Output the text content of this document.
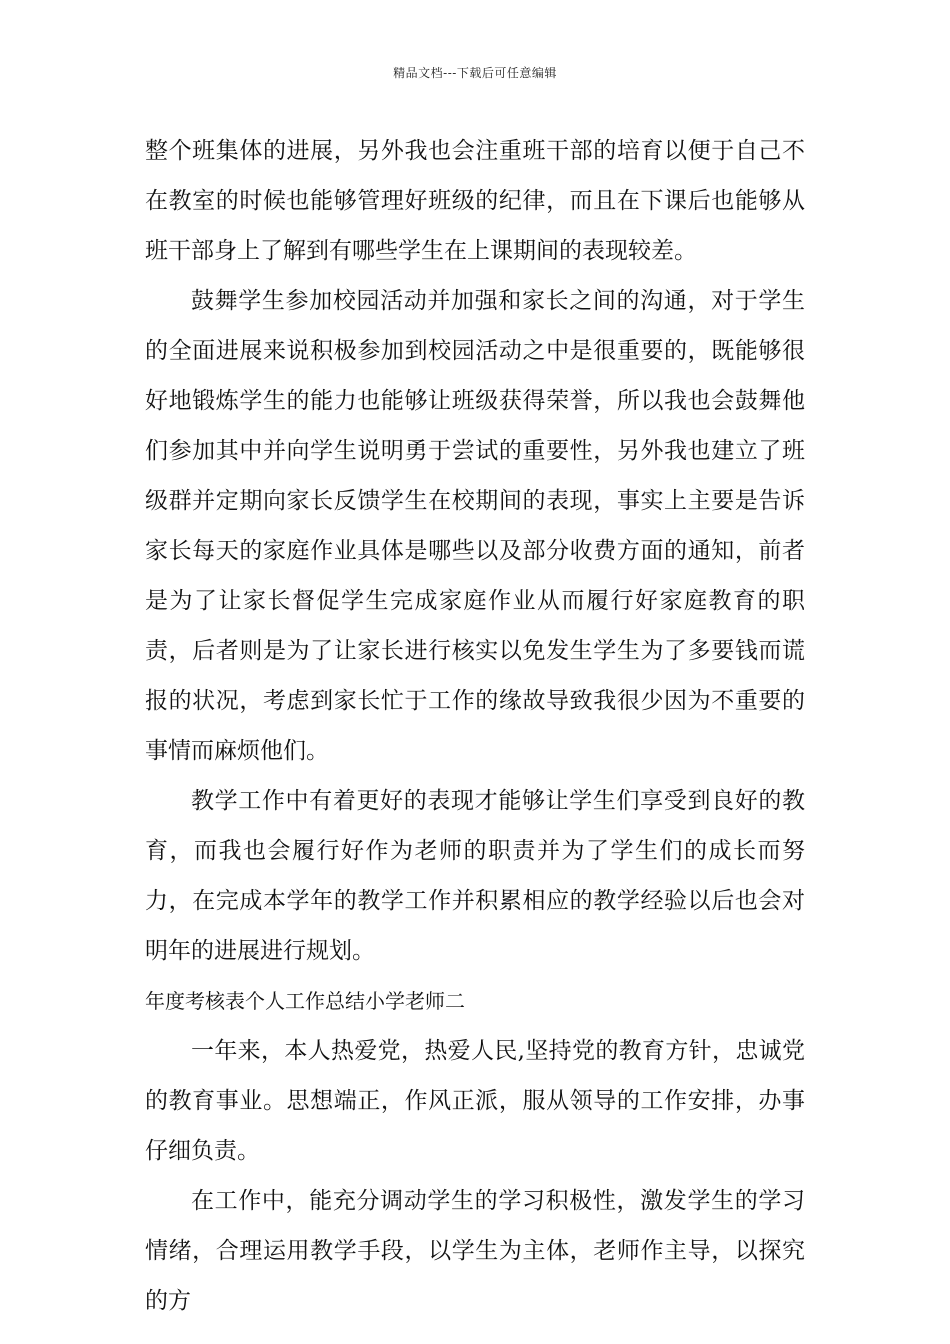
精品文档---下载后可任意编辑

整个班集体的进展，另外我也会注重班干部的培育以便于自己不在教室的时候也能够管理好班级的纪律，而且在下课后也能够从班干部身上了解到有哪些学生在上课期间的表现较差。

鼓舞学生参加校园活动并加强和家长之间的沟通，对于学生的全面进展来说积极参加到校园活动之中是很重要的，既能够很好地锻炼学生的能力也能够让班级获得荣誉，所以我也会鼓舞他们参加其中并向学生说明勇于尝试的重要性，另外我也建立了班级群并定期向家长反馈学生在校期间的表现，事实上主要是告诉家长每天的家庭作业具体是哪些以及部分收费方面的通知，前者是为了让家长督促学生完成家庭作业从而履行好家庭教育的职责，后者则是为了让家长进行核实以免发生学生为了多要钱而谎报的状况，考虑到家长忙于工作的缘故导致我很少因为不重要的事情而麻烦他们。

教学工作中有着更好的表现才能够让学生们享受到良好的教育，而我也会履行好作为老师的职责并为了学生们的成长而努力，在完成本学年的教学工作并积累相应的教学经验以后也会对明年的进展进行规划。

年度考核表个人工作总结小学老师二

一年来，本人热爱党，热爱人民,坚持党的教育方针，忠诚党的教育事业。思想端正，作风正派，服从领导的工作安排，办事仔细负责。

在工作中，能充分调动学生的学习积极性，激发学生的学习情绪，合理运用教学手段，以学生为主体，老师作主导，以探究的方
